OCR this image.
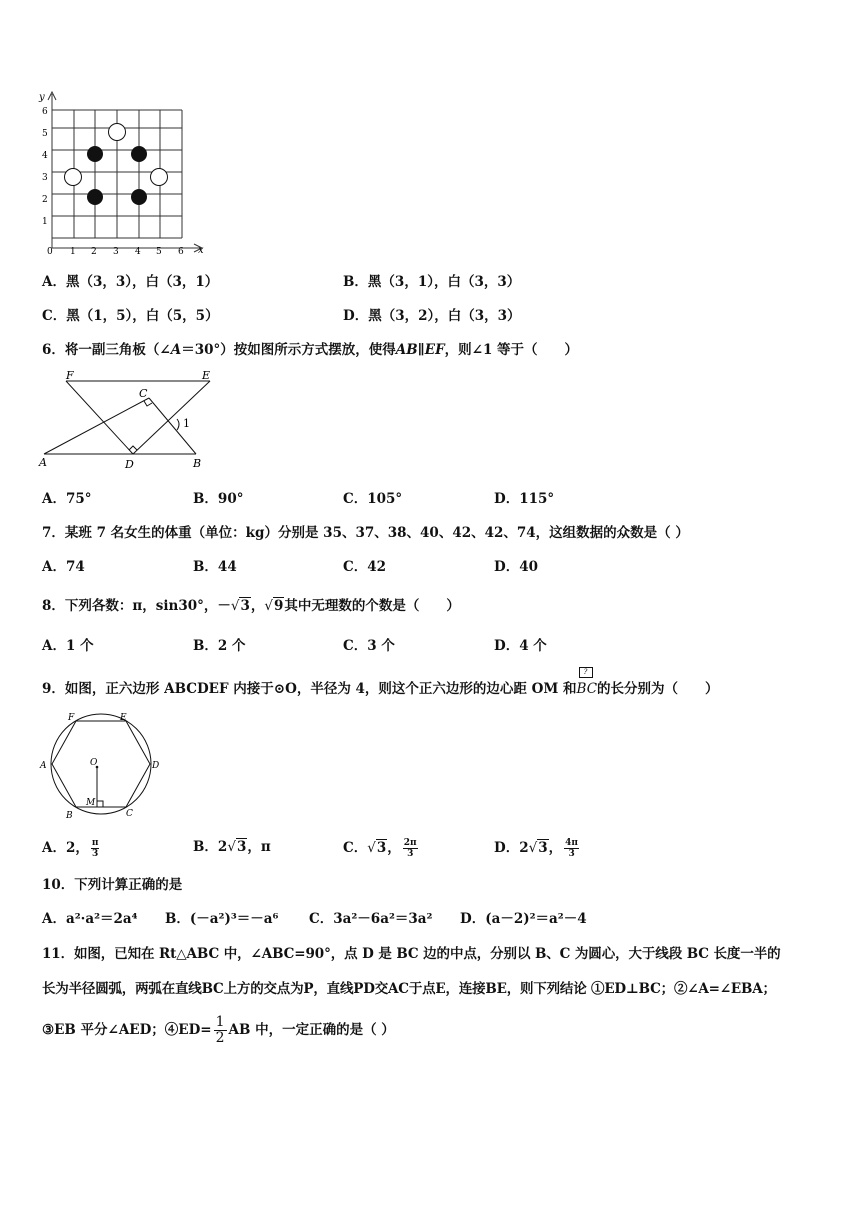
y
x
6
5
4
3
2
1
0 1 2 3 4 5 6
A．黑（3，3），白（3，1）	B．黑（3，1），白（3，3）
C．黑（1，5），白（5，5）	D．黑（3，2），白（3，3）
6．将一副三角板（∠A＝30°）按如图所示方式摆放，使得AB∥EF，则∠1 等于（　　）
F	E
C
1
A	D	B
A．75°	B．90°	C．105°	D．115°
7．某班 7 名女生的体重（单位：kg）分别是 35、37、38、40、42、42、74，这组数据的众数是（ ）
A．74	B．44	C．42	D．40
8．下列各数：π，sin30°，－√3，√9其中无理数的个数是（　　）
A．1 个	B．2 个	C．3 个	D．4 个
9．如图，正六边形 ABCDEF 内接于⊙O，半径为 4，则这个正六边形的边心距 OM 和
?
BC的长分别为（　　）
F	E
A	D
O
M
B	C
A．2， $\frac{\pi}{3}$	B．2√3，π	C．√3， $\frac{2\pi}{3}$	D．2√3， $\frac{4\pi}{3}$
10．下列计算正确的是
A．a²·a²＝2a⁴ B．(－a²)³＝－a⁶ C．3a²－6a²＝3a² D．(a－2)²＝a²－4
11．如图，已知在 Rt△ABC 中，∠ABC=90°，点 D 是 BC 边的中点，分别以 B、C 为圆心，大于线段 BC 长度一半的
长为半径圆弧，两弧在直线BC上方的交点为P，直线PD交AC于点E，连接BE，则下列结论 ①ED⊥BC；②∠A=∠EBA；
③EB 平分∠AED；④ED= $\frac{1}{2}$ AB 中，一定正确的是（ ）
